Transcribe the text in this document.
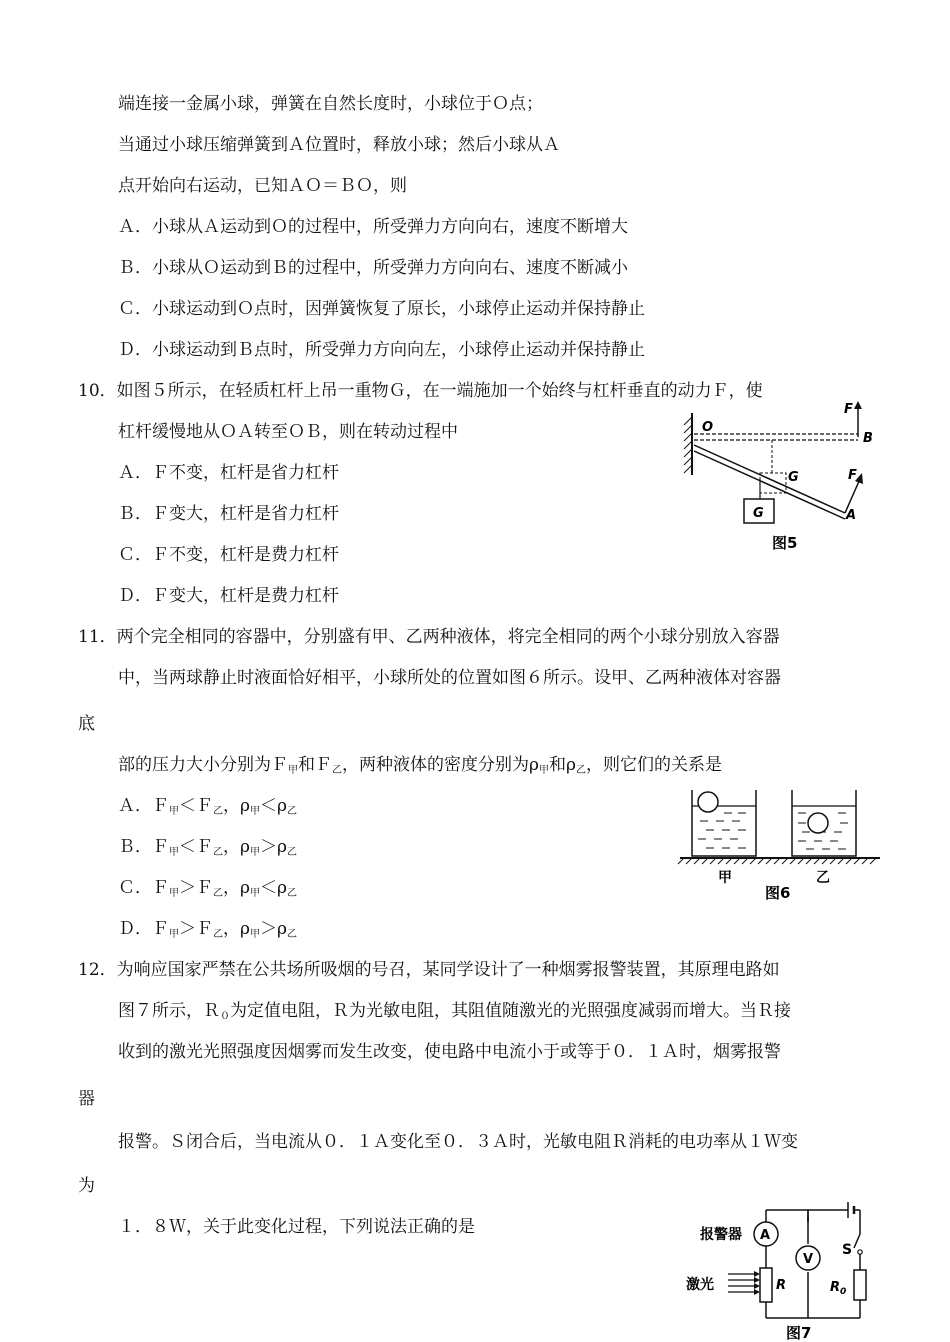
端连接一金属小球，弹簧在自然长度时，小球位于Ｏ点；
当通过小球压缩弹簧到Ａ位置时，释放小球；然后小球从Ａ
点开始向右运动，已知ＡＯ＝ＢＯ，则
Ａ．小球从Ａ运动到Ｏ的过程中，所受弹力方向向右，速度不断增大
Ｂ．小球从Ｏ运动到Ｂ的过程中，所受弹力方向向右、速度不断减小
Ｃ．小球运动到Ｏ点时，因弹簧恢复了原长，小球停止运动并保持静止
Ｄ．小球运动到Ｂ点时，所受弹力方向向左，小球停止运动并保持静止
10．如图５所示，在轻质杠杆上吊一重物Ｇ，在一端施加一个始终与杠杆垂直的动力Ｆ，使
杠杆缓慢地从ＯＡ转至ＯＢ，则在转动过程中
Ａ．Ｆ不变，杠杆是省力杠杆
Ｂ．Ｆ变大，杠杆是省力杠杆
Ｃ．Ｆ不变，杠杆是费力杠杆
Ｄ．Ｆ变大，杠杆是费力杠杆
O
B
F
G	F
G	A
图5
11．两个完全相同的容器中，分别盛有甲、乙两种液体，将完全相同的两个小球分别放入容器
中，当两球静止时液面恰好相平，小球所处的位置如图６所示。设甲、乙两种液体对容器
底
部的压力大小分别为Ｆ$_甲$和Ｆ$_乙$，两种液体的密度分别为$\rho_甲$和$\rho_乙$，则它们的关系是
Ａ．Ｆ$_甲$＜Ｆ$_乙$，$\rho_甲<\rho_乙$
Ｂ．Ｆ$_甲$＜Ｆ$_乙$，$\rho_甲>\rho_乙$
Ｃ．Ｆ$_甲$＞Ｆ$_乙$，$\rho_甲<\rho_乙$
Ｄ．Ｆ$_甲$＞Ｆ$_乙$，$\rho_甲>\rho_乙$
甲
图6
乙
12．为响应国家严禁在公共场所吸烟的号召，某同学设计了一种烟雾报警装置，其原理电路如
图７所示，Ｒ$_0$为定值电阻，Ｒ为光敏电阻，其阻值随激光的光照强度减弱而增大。当Ｒ接
收到的激光光照强度因烟雾而发生改变，使电路中电流小于或等于０．１Ａ时，烟雾报警
器
报警。Ｓ闭合后，当电流从０．１Ａ变化至０．３Ａ时，光敏电阻Ｒ消耗的电功率从１Ｗ变
为
１．８Ｗ，关于此变化过程，下列说法正确的是	报警器 A
V
S
激光	R	$R_0$
图7
